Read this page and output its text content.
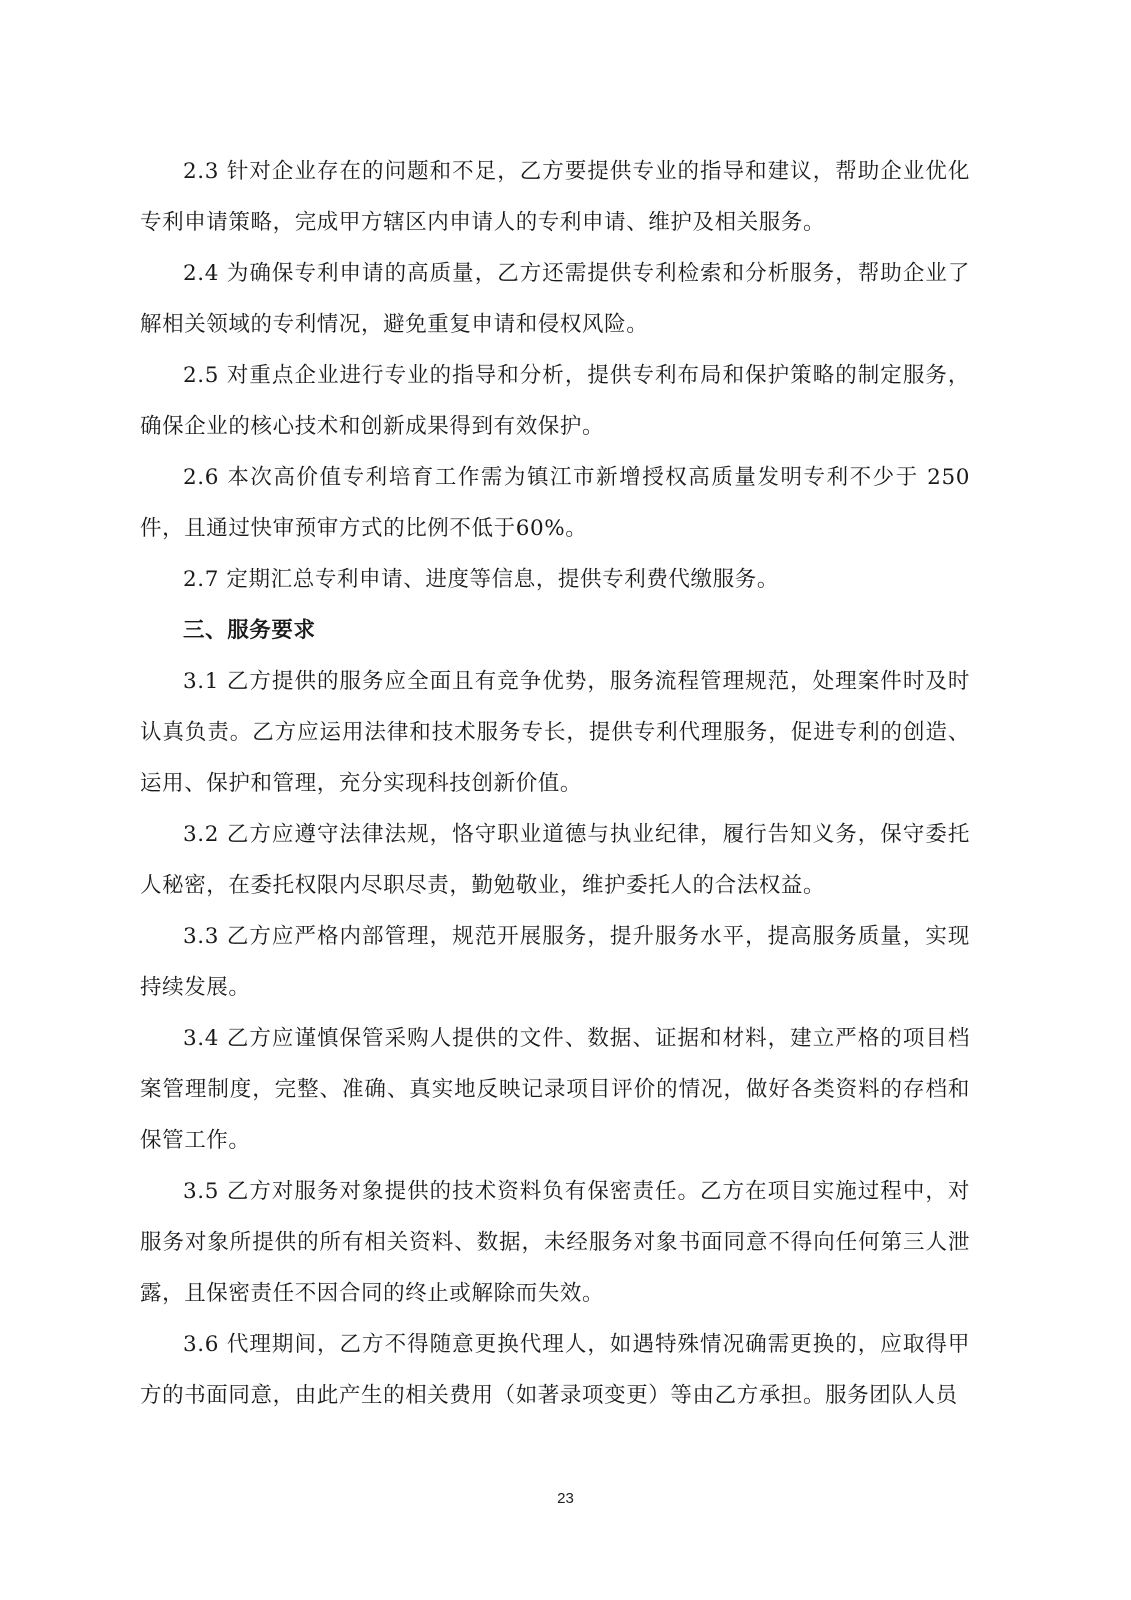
2.3 针对企业存在的问题和不足，乙方要提供专业的指导和建议，帮助企业优化专利申请策略，完成甲方辖区内申请人的专利申请、维护及相关服务。

2.4 为确保专利申请的高质量，乙方还需提供专利检索和分析服务，帮助企业了解相关领域的专利情况，避免重复申请和侵权风险。

2.5 对重点企业进行专业的指导和分析，提供专利布局和保护策略的制定服务，确保企业的核心技术和创新成果得到有效保护。

2.6 本次高价值专利培育工作需为镇江市新增授权高质量发明专利不少于 250 件，且通过快审预审方式的比例不低于60%。

2.7 定期汇总专利申请、进度等信息，提供专利费代缴服务。

三、服务要求

3.1 乙方提供的服务应全面且有竞争优势，服务流程管理规范，处理案件时及时认真负责。乙方应运用法律和技术服务专长，提供专利代理服务，促进专利的创造、运用、保护和管理，充分实现科技创新价值。

3.2 乙方应遵守法律法规，恪守职业道德与执业纪律，履行告知义务，保守委托人秘密，在委托权限内尽职尽责，勤勉敬业，维护委托人的合法权益。

3.3 乙方应严格内部管理，规范开展服务，提升服务水平，提高服务质量，实现持续发展。

3.4 乙方应谨慎保管采购人提供的文件、数据、证据和材料，建立严格的项目档案管理制度，完整、准确、真实地反映记录项目评价的情况，做好各类资料的存档和保管工作。

3.5 乙方对服务对象提供的技术资料负有保密责任。乙方在项目实施过程中，对服务对象所提供的所有相关资料、数据，未经服务对象书面同意不得向任何第三人泄露，且保密责任不因合同的终止或解除而失效。

3.6 代理期间，乙方不得随意更换代理人，如遇特殊情况确需更换的，应取得甲方的书面同意，由此产生的相关费用（如著录项变更）等由乙方承担。服务团队人员

23
